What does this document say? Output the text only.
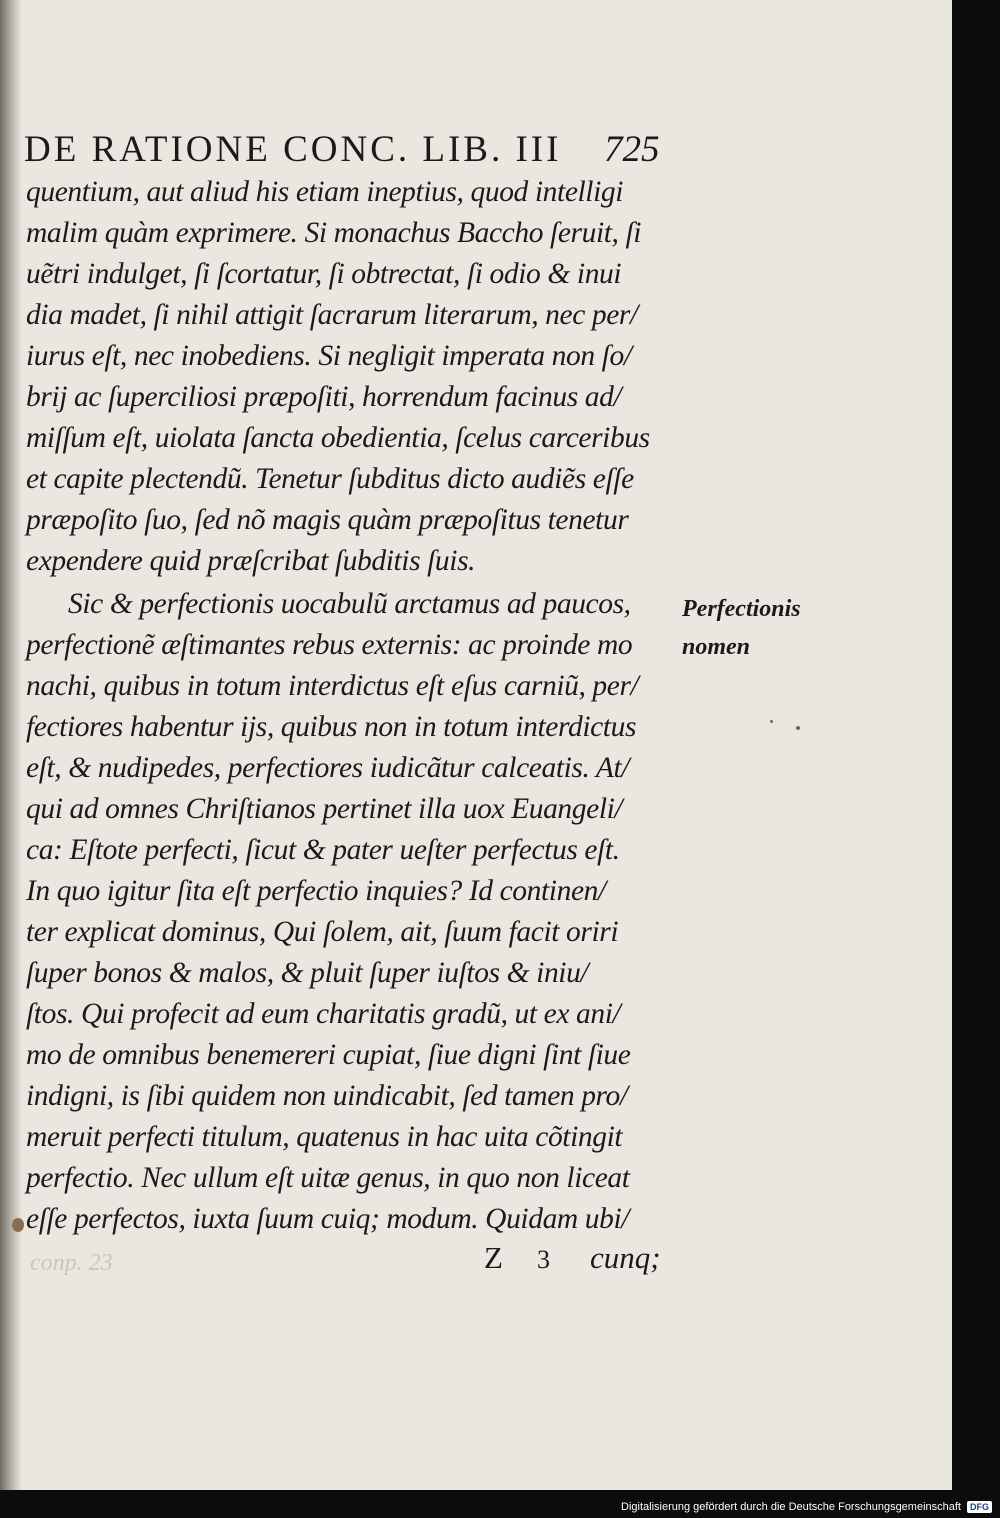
DE RATIONE CONC. LIB. III 725
quentium, aut aliud his etiam ineptius, quod intelligi
malim quàm exprimere. Si monachus Baccho ſeruit, ſi
uẽtri indulget, ſi ſcortatur, ſi obtrectat, ſi odio & inui
dia madet, ſi nihil attigit ſacrarum literarum, nec per/
iurus eſt, nec inobediens. Si negligit imperata non ſo/
brij ac ſuperciliosi præpoſiti, horrendum facinus ad/
miſſum eſt, uiolata ſancta obedientia, ſcelus carceribus
et capite plectendũ. Tenetur ſubditus dicto audiẽs eſſe
præpoſito ſuo, ſed nõ magis quàm præpoſitus tenetur
expendere quid præſcribat ſubditis ſuis.
Sic & perfectionis uocabulũ arctamus ad paucos,
perfectionẽ æſtimantes rebus externis: ac proinde mo
nachi, quibus in totum interdictus eſt eſus carniũ, per/
fectiores habentur ijs, quibus non in totum interdictus
eſt, & nudipedes, perfectiores iudicãtur calceatis. At/
qui ad omnes Chriſtianos pertinet illa uox Euangeli/
ca: Eſtote perfecti, ſicut & pater ueſter perfectus eſt.
In quo igitur ſita eſt perfectio inquies? Id continen/
ter explicat dominus, Qui ſolem, ait, ſuum facit oriri
ſuper bonos & malos, & pluit ſuper iuſtos & iniu/
ſtos. Qui profecit ad eum charitatis gradũ, ut ex ani/
mo de omnibus benemereri cupiat, ſiue digni ſint ſiue
indigni, is ſibi quidem non uindicabit, ſed tamen pro/
meruit perfecti titulum, quatenus in hac uita cõtingit
perfectio. Nec ullum eſt uitæ genus, in quo non liceat
eſſe perfectos, iuxta ſuum cuiq; modum. Quidam ubi/
Perfectionis
nomen
conp. 23	Z 3 cunq;
Digitalisierung gefördert durch die Deutsche Forschungsgemeinschaft	DFG
